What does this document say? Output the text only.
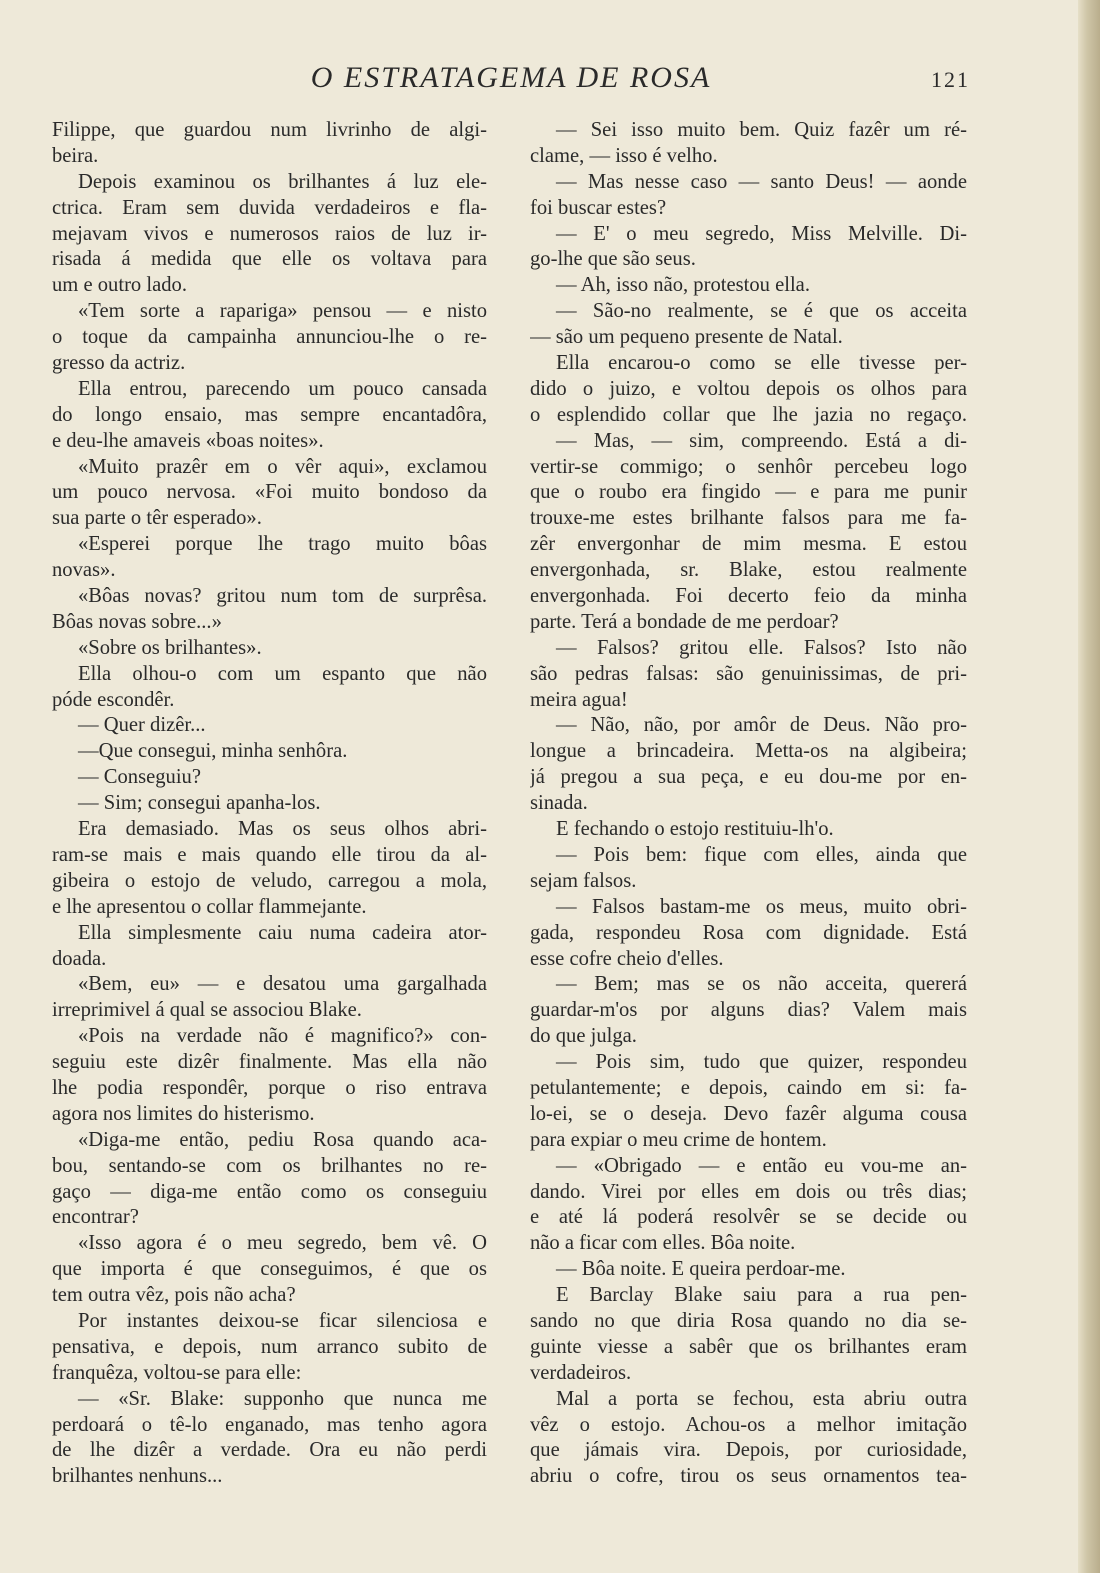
O ESTRATAGEMA DE ROSA	121
Filippe, que guardou num livrinho de algi-
beira.
Depois examinou os brilhantes á luz ele-
ctrica. Eram sem duvida verdadeiros e fla-
mejavam vivos e numerosos raios de luz ir-
risada á medida que elle os voltava para
um e outro lado.
«Tem sorte a rapariga» pensou — e nisto
o toque da campainha annunciou-lhe o re-
gresso da actriz.
Ella entrou, parecendo um pouco cansada
do longo ensaio, mas sempre encantadôra,
e deu-lhe amaveis «boas noites».
«Muito prazêr em o vêr aqui», exclamou
um pouco nervosa. «Foi muito bondoso da
sua parte o têr esperado».
«Esperei porque lhe trago muito bôas
novas».
«Bôas novas? gritou num tom de surprêsa.
Bôas novas sobre...»
«Sobre os brilhantes».
Ella olhou-o com um espanto que não
póde escondêr.
— Quer dizêr...
—Que consegui, minha senhôra.
— Conseguiu?
— Sim; consegui apanha-los.
Era demasiado. Mas os seus olhos abri-
ram-se mais e mais quando elle tirou da al-
gibeira o estojo de veludo, carregou a mola,
e lhe apresentou o collar flammejante.
Ella simplesmente caiu numa cadeira ator-
doada.
«Bem, eu» — e desatou uma gargalhada
irreprimivel á qual se associou Blake.
«Pois na verdade não é magnifico?» con-
seguiu este dizêr finalmente. Mas ella não
lhe podia respondêr, porque o riso entrava
agora nos limites do histerismo.
«Diga-me então, pediu Rosa quando aca-
bou, sentando-se com os brilhantes no re-
gaço — diga-me então como os conseguiu
encontrar?
«Isso agora é o meu segredo, bem vê. O
que importa é que conseguimos, é que os
tem outra vêz, pois não acha?
Por instantes deixou-se ficar silenciosa e
pensativa, e depois, num arranco subito de
franquêza, voltou-se para elle:
— «Sr. Blake: supponho que nunca me
perdoará o tê-lo enganado, mas tenho agora
de lhe dizêr a verdade. Ora eu não perdi
brilhantes nenhuns...
— Sei isso muito bem. Quiz fazêr um ré-
clame, — isso é velho.
— Mas nesse caso — santo Deus! — aonde
foi buscar estes?
— E' o meu segredo, Miss Melville. Di-
go-lhe que são seus.
— Ah, isso não, protestou ella.
— São-no realmente, se é que os acceita
— são um pequeno presente de Natal.
Ella encarou-o como se elle tivesse per-
dido o juizo, e voltou depois os olhos para
o esplendido collar que lhe jazia no regaço.
— Mas, — sim, compreendo. Está a di-
vertir-se commigo; o senhôr percebeu logo
que o roubo era fingido — e para me punir
trouxe-me estes brilhante falsos para me fa-
zêr envergonhar de mim mesma. E estou
envergonhada, sr. Blake, estou realmente
envergonhada. Foi decerto feio da minha
parte. Terá a bondade de me perdoar?
— Falsos? gritou elle. Falsos? Isto não
são pedras falsas: são genuinissimas, de pri-
meira agua!
— Não, não, por amôr de Deus. Não pro-
longue a brincadeira. Metta-os na algibeira;
já pregou a sua peça, e eu dou-me por en-
sinada.
E fechando o estojo restituiu-lh'o.
— Pois bem: fique com elles, ainda que
sejam falsos.
— Falsos bastam-me os meus, muito obri-
gada, respondeu Rosa com dignidade. Está
esse cofre cheio d'elles.
— Bem; mas se os não acceita, quererá
guardar-m'os por alguns dias? Valem mais
do que julga.
— Pois sim, tudo que quizer, respondeu
petulantemente; e depois, caindo em si: fa-
lo-ei, se o deseja. Devo fazêr alguma cousa
para expiar o meu crime de hontem.
— «Obrigado — e então eu vou-me an-
dando. Virei por elles em dois ou três dias;
e até lá poderá resolvêr se se decide ou
não a ficar com elles. Bôa noite.
— Bôa noite. E queira perdoar-me.
E Barclay Blake saiu para a rua pen-
sando no que diria Rosa quando no dia se-
guinte viesse a sabêr que os brilhantes eram
verdadeiros.
Mal a porta se fechou, esta abriu outra
vêz o estojo. Achou-os a melhor imitação
que jámais vira. Depois, por curiosidade,
abriu o cofre, tirou os seus ornamentos tea-
